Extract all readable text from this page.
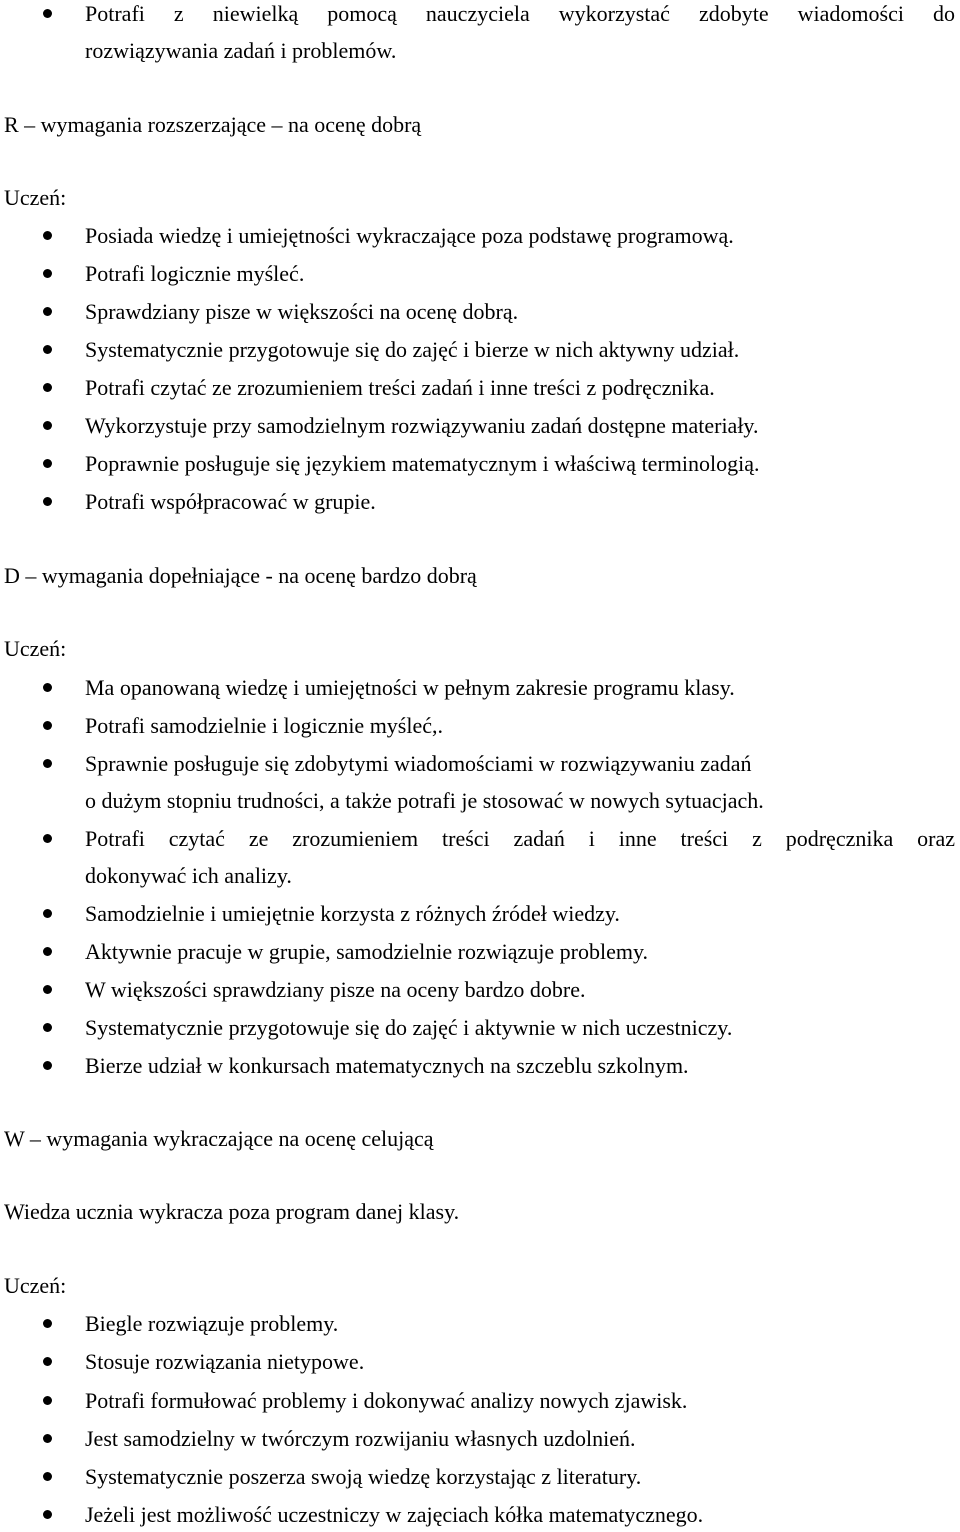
Potrafi z niewielką pomocą nauczyciela wykorzystać zdobyte wiadomości do
rozwiązywania zadań i problemów.
R – wymagania rozszerzające – na ocenę dobrą
Uczeń:
Posiada wiedzę i umiejętności wykraczające poza podstawę programową.
Potrafi logicznie myśleć.
Sprawdziany pisze w większości na ocenę dobrą.
Systematycznie przygotowuje się do zajęć i bierze w nich aktywny udział.
Potrafi czytać ze zrozumieniem treści zadań i inne treści z podręcznika.
Wykorzystuje przy samodzielnym rozwiązywaniu zadań dostępne materiały.
Poprawnie posługuje się językiem matematycznym i właściwą terminologią.
Potrafi współpracować w grupie.
D – wymagania dopełniające - na ocenę bardzo dobrą
Uczeń:
Ma opanowaną wiedzę i umiejętności w pełnym zakresie programu klasy.
Potrafi samodzielnie i logicznie myśleć,.
Sprawnie posługuje się zdobytymi wiadomościami w rozwiązywaniu zadań
o dużym stopniu trudności, a także potrafi je stosować w nowych sytuacjach.
Potrafi czytać ze zrozumieniem treści zadań i inne treści z podręcznika oraz
dokonywać ich analizy.
Samodzielnie i umiejętnie korzysta z różnych źródeł wiedzy.
Aktywnie pracuje w grupie, samodzielnie rozwiązuje problemy.
W większości sprawdziany pisze na oceny bardzo dobre.
Systematycznie przygotowuje się do zajęć i aktywnie w nich uczestniczy.
Bierze udział w konkursach matematycznych na szczeblu szkolnym.
W – wymagania wykraczające na ocenę celującą
Wiedza ucznia wykracza poza program danej klasy.
Uczeń:
Biegle rozwiązuje problemy.
Stosuje rozwiązania nietypowe.
Potrafi formułować problemy i dokonywać analizy nowych zjawisk.
Jest samodzielny w twórczym rozwijaniu własnych uzdolnień.
Systematycznie poszerza swoją wiedzę korzystając z literatury.
Jeżeli jest możliwość uczestniczy w zajęciach kółka matematycznego.
